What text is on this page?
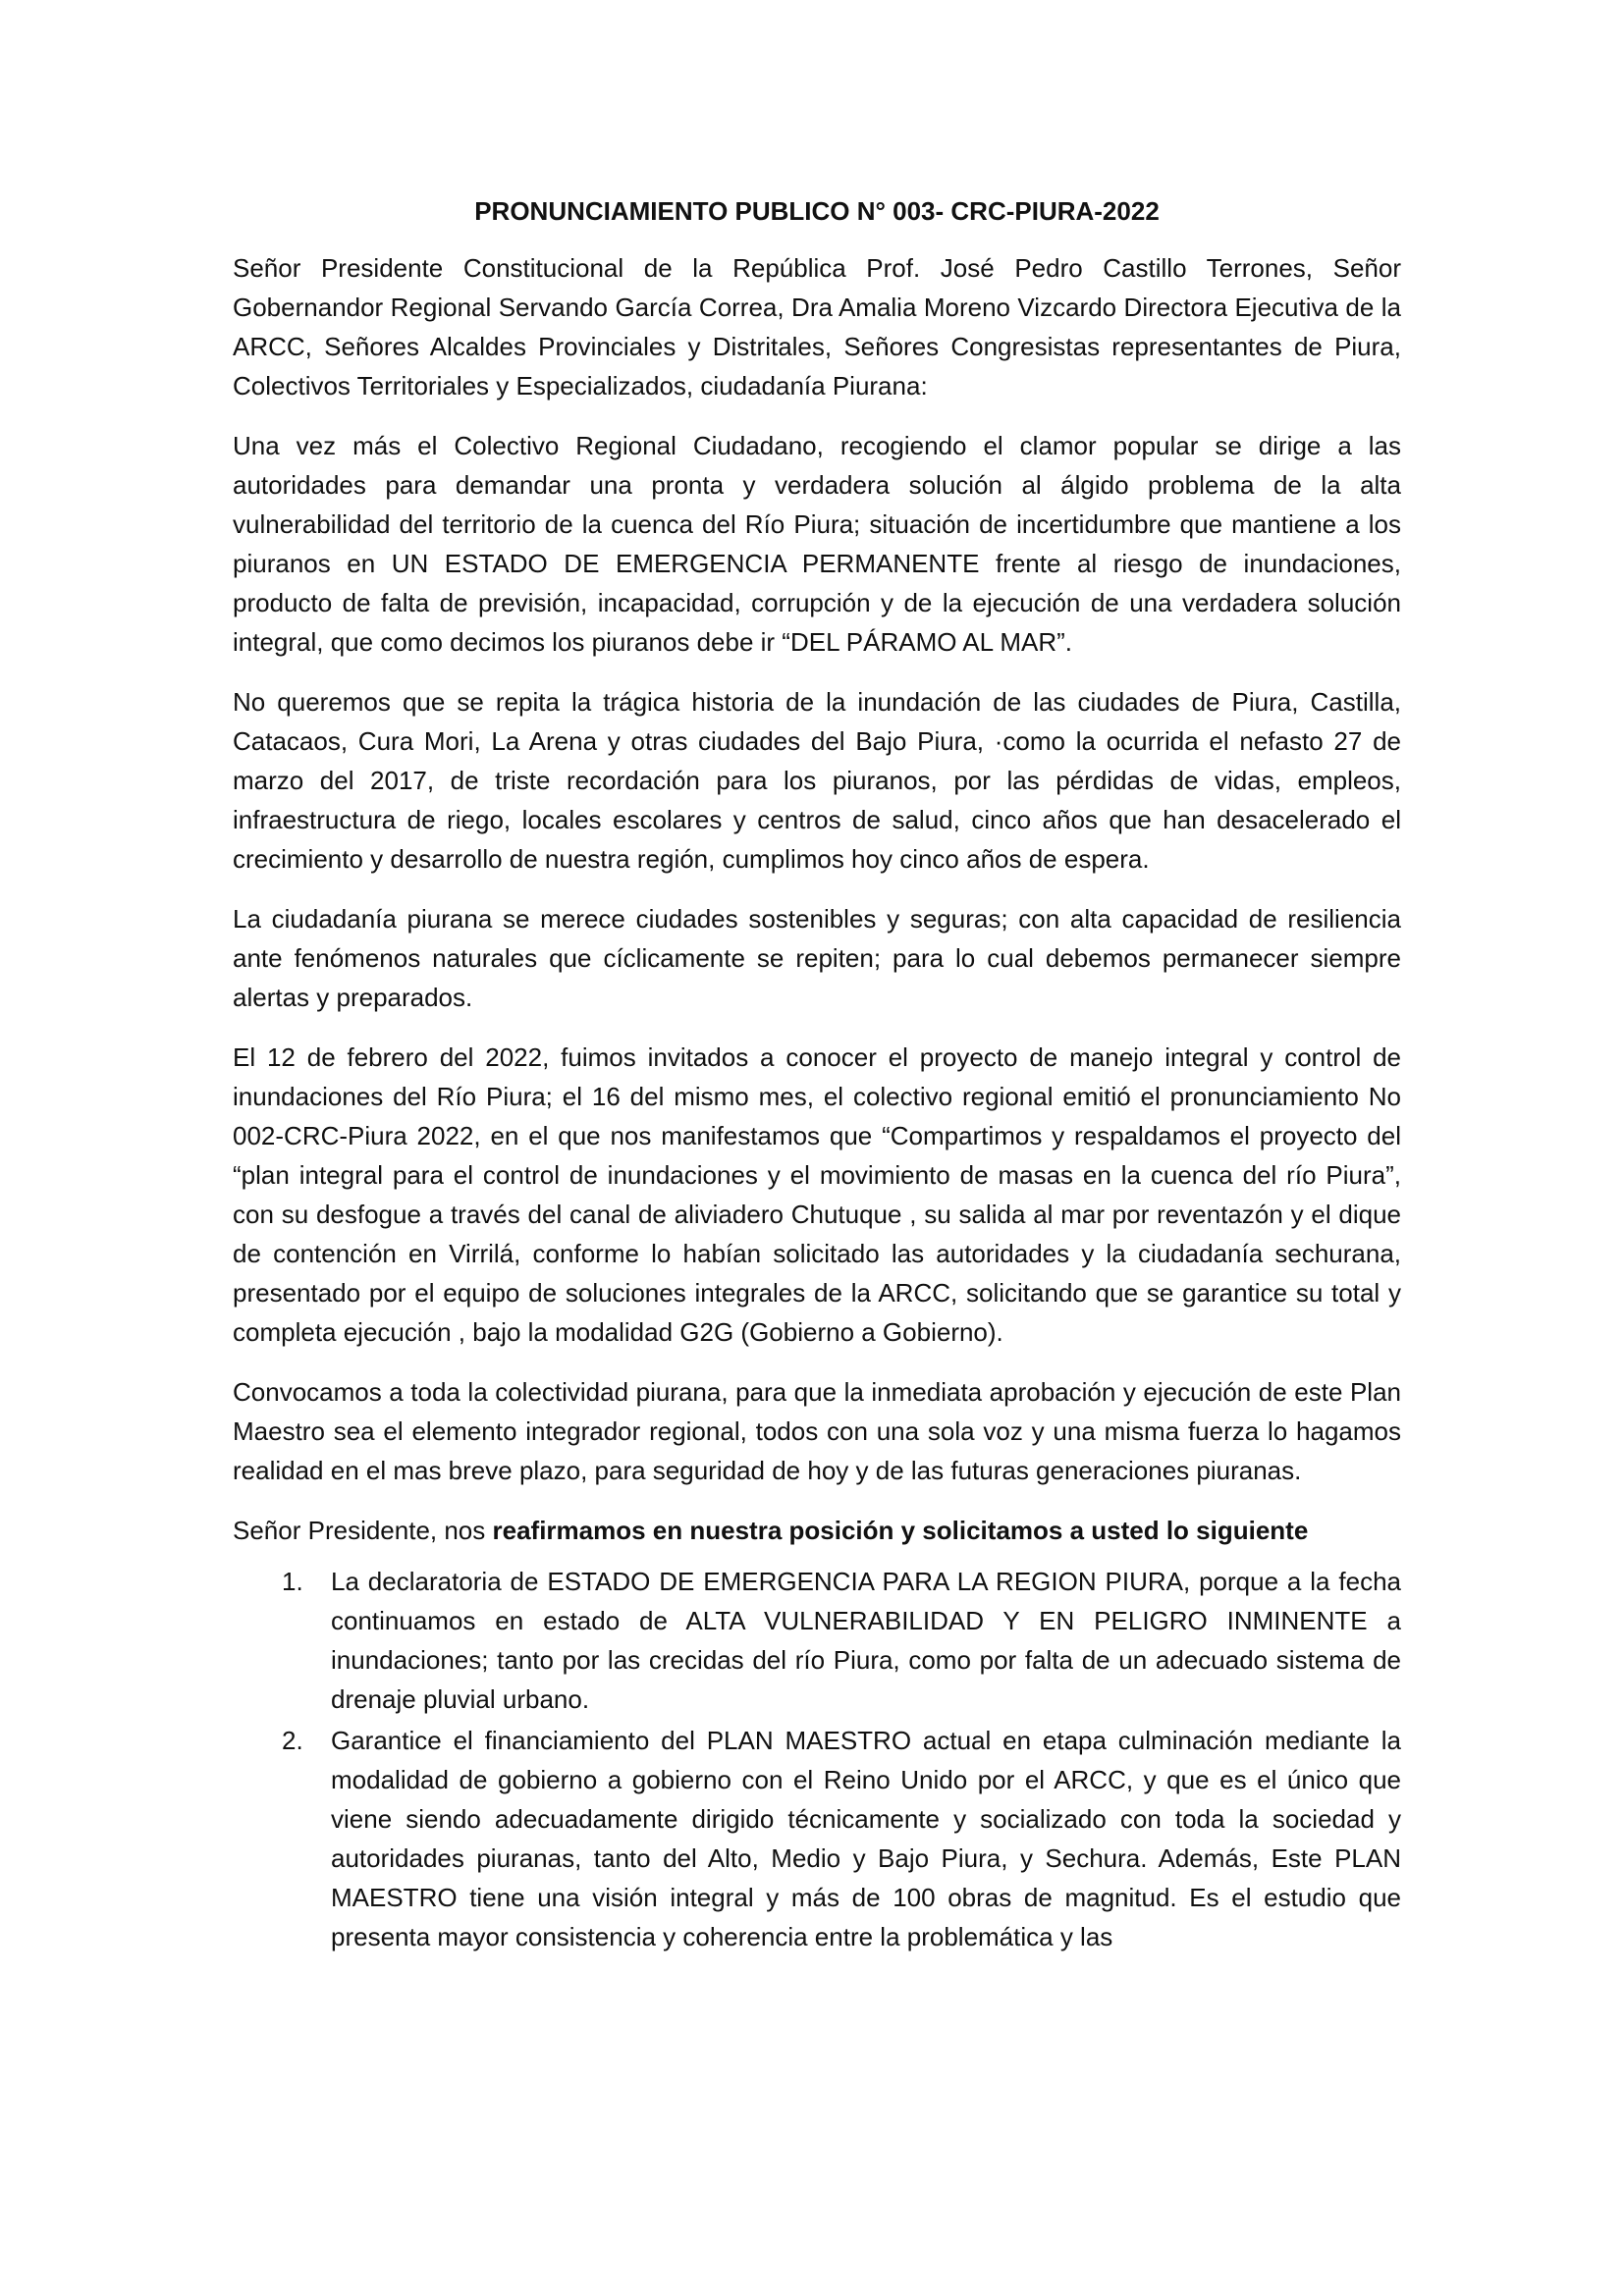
PRONUNCIAMIENTO PUBLICO N° 003- CRC-PIURA-2022

Señor Presidente Constitucional de la República Prof. José Pedro Castillo Terrones, Señor Gobernandor Regional Servando García Correa, Dra Amalia Moreno Vizcardo Directora Ejecutiva de la ARCC, Señores Alcaldes Provinciales y Distritales, Señores Congresistas representantes de Piura, Colectivos Territoriales y Especializados, ciudadanía Piurana:

Una vez más el Colectivo Regional Ciudadano, recogiendo el clamor popular se dirige a las autoridades para demandar una pronta y verdadera solución al álgido problema de la alta vulnerabilidad del territorio de la cuenca del Río Piura; situación de incertidumbre que mantiene a los piuranos en UN ESTADO DE EMERGENCIA PERMANENTE frente al riesgo de inundaciones, producto de falta de previsión, incapacidad, corrupción y de la ejecución de una verdadera solución integral, que como decimos los piuranos debe ir “DEL PÁRAMO AL MAR”.

No queremos que se repita la trágica historia de la inundación de las ciudades de Piura, Castilla, Catacaos, Cura Mori, La Arena y otras ciudades del Bajo Piura, ·como la ocurrida el nefasto 27 de marzo del 2017, de triste recordación para los piuranos, por las pérdidas de vidas, empleos, infraestructura de riego, locales escolares y centros de salud, cinco años que han desacelerado el crecimiento y desarrollo de nuestra región, cumplimos hoy cinco años de espera.

La ciudadanía piurana se merece ciudades sostenibles y seguras; con alta capacidad de resiliencia ante fenómenos naturales que cíclicamente se repiten; para lo cual debemos permanecer siempre alertas y preparados.

El 12 de febrero del 2022, fuimos invitados a conocer el proyecto de manejo integral y control de inundaciones del Río Piura; el 16 del mismo mes, el colectivo regional emitió el pronunciamiento No 002-CRC-Piura 2022, en el que nos manifestamos que “Compartimos y respaldamos el proyecto del “plan integral para el control de inundaciones y el movimiento de masas en la cuenca del río Piura”, con su desfogue a través del canal de aliviadero Chutuque , su salida al mar por reventazón y el dique de contención en Virrilá, conforme lo habían solicitado las autoridades y la ciudadanía sechurana, presentado por el equipo de soluciones integrales de la ARCC, solicitando que se garantice su total y completa ejecución , bajo la modalidad G2G (Gobierno a Gobierno).

Convocamos a toda la colectividad piurana, para que la inmediata aprobación y ejecución de este Plan Maestro sea el elemento integrador regional, todos con una sola voz y una misma fuerza lo hagamos realidad en el mas breve plazo, para seguridad de hoy y de las futuras generaciones piuranas.

Señor Presidente, nos reafirmamos en nuestra posición y solicitamos a usted lo siguiente

1. La declaratoria de ESTADO DE EMERGENCIA PARA LA REGION PIURA, porque a la fecha continuamos en estado de ALTA VULNERABILIDAD Y EN PELIGRO INMINENTE a inundaciones; tanto por las crecidas del río Piura, como por falta de un adecuado sistema de drenaje pluvial urbano.
2. Garantice el financiamiento del PLAN MAESTRO actual en etapa culminación mediante la modalidad de gobierno a gobierno con el Reino Unido por el ARCC, y que es el único que viene siendo adecuadamente dirigido técnicamente y socializado con toda la sociedad y autoridades piuranas, tanto del Alto, Medio y Bajo Piura, y Sechura. Además, Este PLAN MAESTRO tiene una visión integral y más de 100 obras de magnitud. Es el estudio que presenta mayor consistencia y coherencia entre la problemática y las
